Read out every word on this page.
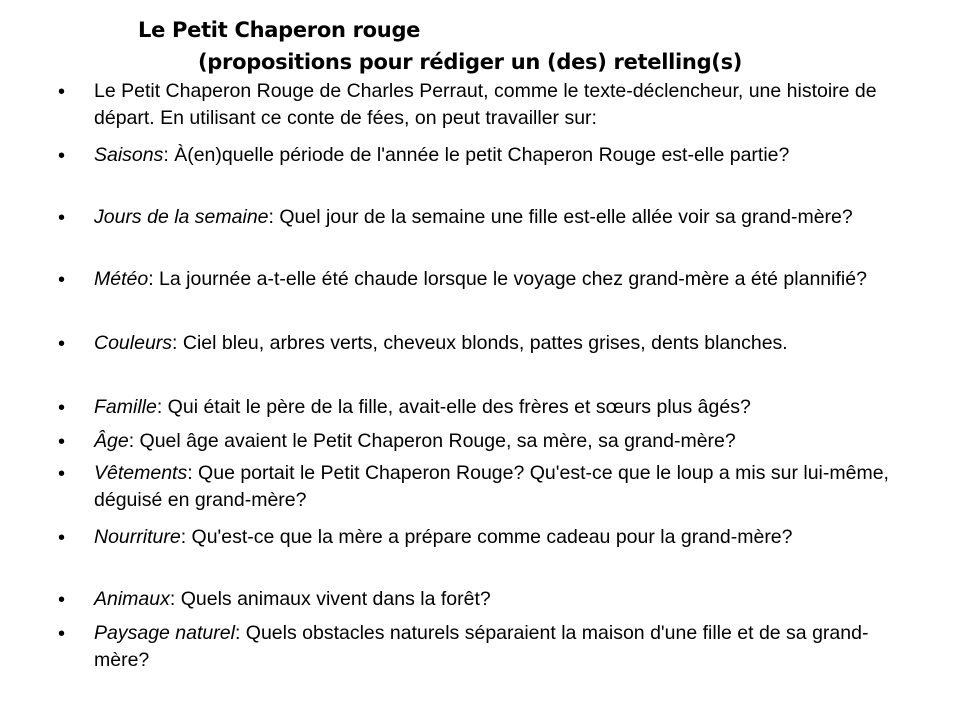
Le Petit Chaperon rouge
(propositions pour rédiger un (des) retelling(s)
• Le Petit Chaperon Rouge de Charles Perraut, comme le texte-déclencheur, une histoire de départ. En utilisant ce conte de fées, on peut travailler sur:
• Saisons: À(en)quelle période de l'année le petit Chaperon Rouge est-elle partie?
• Jours de la semaine: Quel jour de la semaine une fille est-elle allée voir sa grand-mère?
• Météo: La journée a-t-elle été chaude lorsque le voyage chez grand-mère a été plannifié?
• Couleurs: Ciel bleu, arbres verts, cheveux blonds, pattes grises, dents blanches.
• Famille: Qui était le père de la fille, avait-elle des frères et sœurs plus âgés?
• Âge: Quel âge avaient le Petit Chaperon Rouge, sa mère, sa grand-mère?
• Vêtements: Que portait le Petit Chaperon Rouge? Qu'est-ce que le loup a mis sur lui-même, déguisé en grand-mère?
• Nourriture: Qu'est-ce que la mère a prépare comme cadeau pour la grand-mère?
• Animaux: Quels animaux vivent dans la forêt?
• Paysage naturel: Quels obstacles naturels séparaient la maison d'une fille et de sa grand-mère?
